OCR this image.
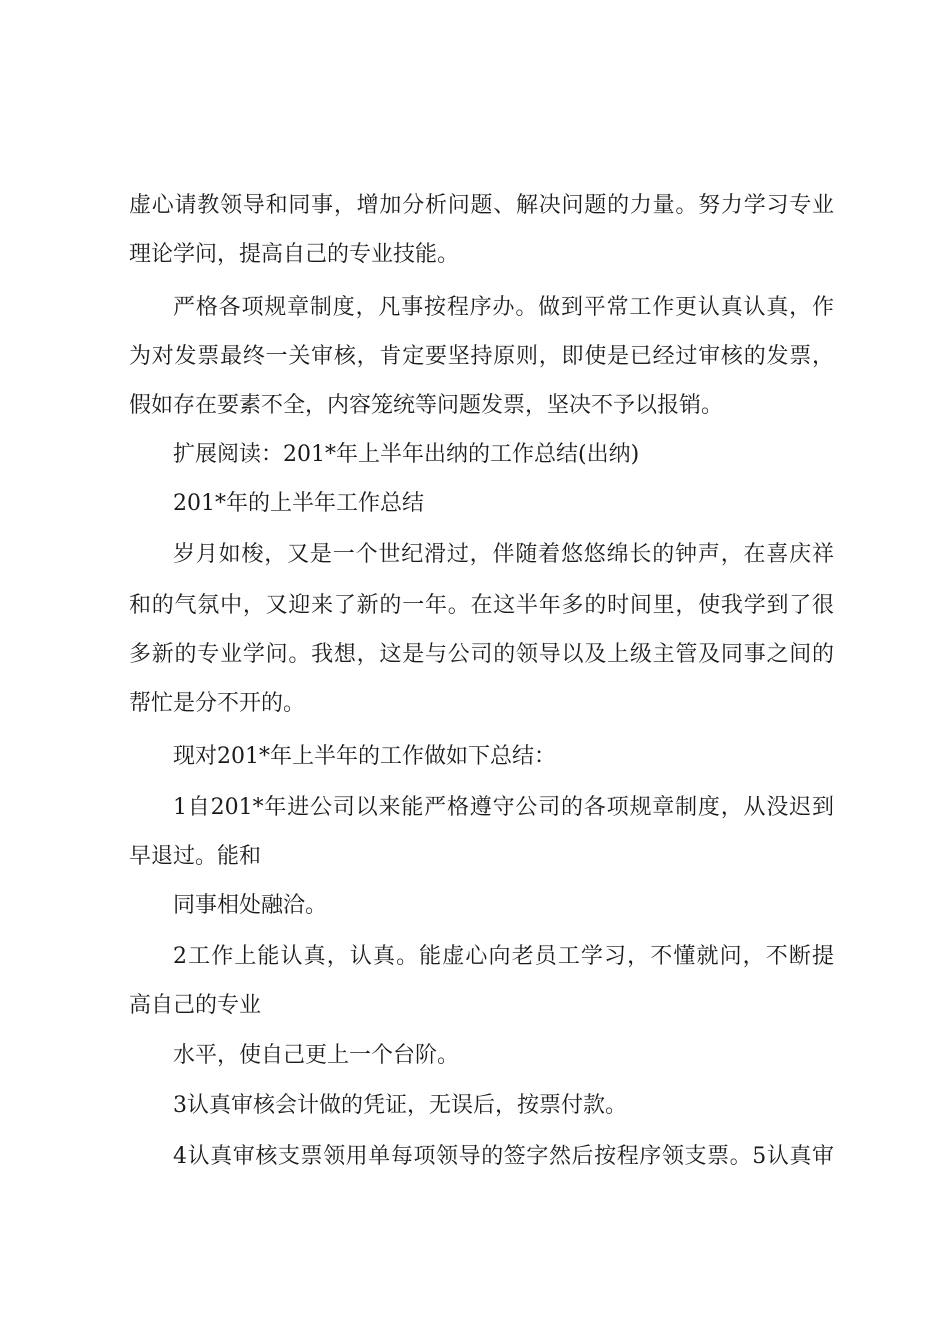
虚心请教领导和同事，增加分析问题、解决问题的力量。努力学习专业

理论学问，提高自己的专业技能。

严格各项规章制度，凡事按程序办。做到平常工作更认真认真，作

为对发票最终一关审核，肯定要坚持原则，即使是已经过审核的发票，

假如存在要素不全，内容笼统等问题发票，坚决不予以报销。

扩展阅读：201*年上半年出纳的工作总结(出纳)

201*年的上半年工作总结

岁月如梭，又是一个世纪滑过，伴随着悠悠绵长的钟声，在喜庆祥

和的气氛中，又迎来了新的一年。在这半年多的时间里，使我学到了很

多新的专业学问。我想，这是与公司的领导以及上级主管及同事之间的

帮忙是分不开的。

现对201*年上半年的工作做如下总结：

1自201*年进公司以来能严格遵守公司的各项规章制度，从没迟到

早退过。能和

同事相处融洽。

2工作上能认真，认真。能虚心向老员工学习，不懂就问，不断提

高自己的专业

水平，使自己更上一个台阶。

3认真审核会计做的凭证，无误后，按票付款。

4认真审核支票领用单每项领导的签字然后按程序领支票。5认真审
